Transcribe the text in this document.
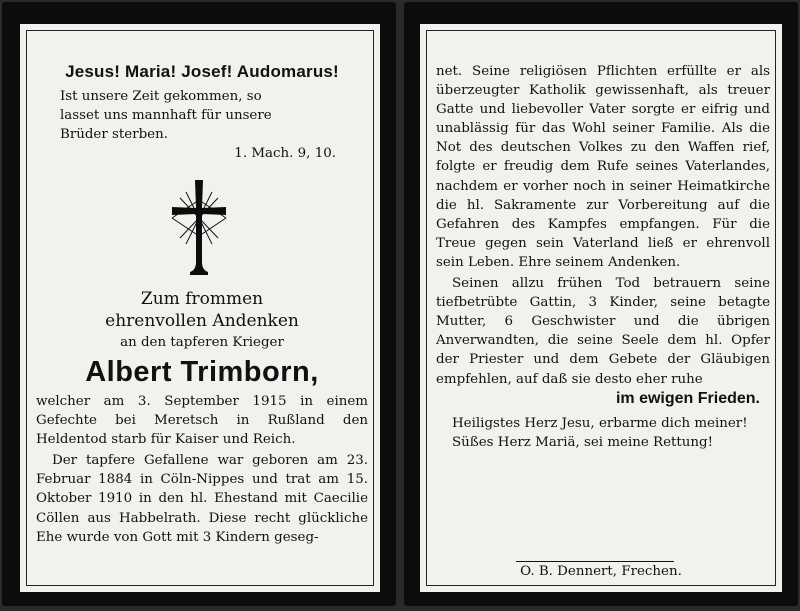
Jesus! Maria! Josef! Audomarus!

Ist unsere Zeit gekommen, so

lasset uns mannhaft für unsere

Brüder sterben.

1. Mach. 9, 10.

Zum frommen

ehrenvollen Andenken

an den tapferen Krieger

Albert Trimborn,

welcher am 3. September 1915 in einem Gefechte bei Meretsch in Rußland den Heldentod starb für Kaiser und Reich.

Der tapfere Gefallene war geboren am 23. Februar 1884 in Cöln-Nippes und trat am 15. Oktober 1910 in den hl. Ehestand mit Caecilie Cöllen aus Habbelrath. Diese recht glückliche Ehe wurde von Gott mit 3 Kindern geseg-

net. Seine religiösen Pflichten erfüllte er als überzeugter Katholik gewissenhaft, als treuer Gatte und liebevoller Vater sorgte er eifrig und unablässig für das Wohl seiner Familie. Als die Not des deutschen Volkes zu den Waffen rief, folgte er freudig dem Rufe seines Vaterlandes, nachdem er vorher noch in seiner Heimatkirche die hl. Sakramente zur Vorbereitung auf die Gefahren des Kampfes empfangen. Für die Treue gegen sein Vaterland ließ er ehrenvoll sein Leben. Ehre seinem Andenken.

Seinen allzu frühen Tod betrauern seine tiefbetrübte Gattin, 3 Kinder, seine betagte Mutter, 6 Geschwister und die übrigen Anverwandten, die seine Seele dem hl. Opfer der Priester und dem Gebete der Gläubigen empfehlen, auf daß sie desto eher ruhe

im ewigen Frieden.

Heiligstes Herz Jesu, erbarme dich meiner!

Süßes Herz Mariä, sei meine Rettung!

O. B. Dennert, Frechen.
